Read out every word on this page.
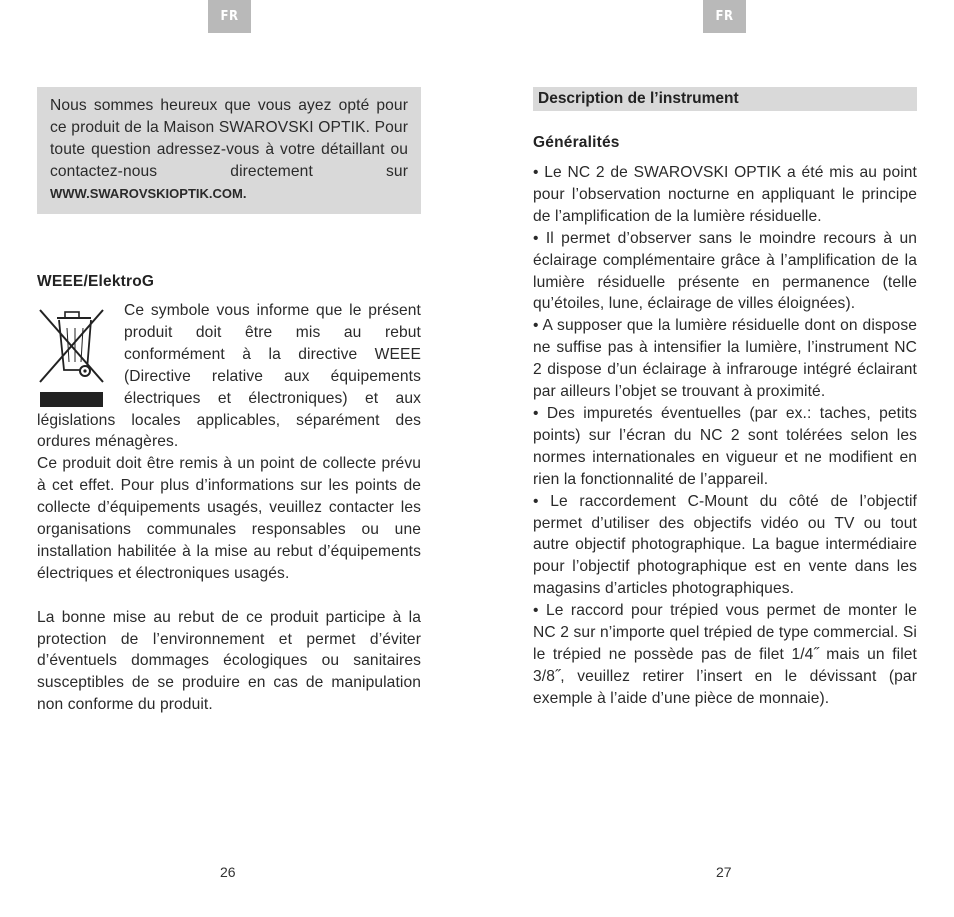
FR

Nous sommes heureux que vous ayez opté pour ce produit de la Maison SWAROVSKI OPTIK. Pour toute question adressez-vous à votre détaillant ou contactez-nous directement sur WWW.SWAROVSKIOPTIK.COM.

WEEE/ElektroG

Ce symbole vous informe que le présent produit doit être mis au rebut conformément à la directive WEEE (Directive relative aux équipements électriques et électroniques) et aux législations locales applicables, séparément des ordures ménagères.

Ce produit doit être remis à un point de collecte prévu à cet effet. Pour plus d’informations sur les points de collecte d’équipements usagés, veuillez contacter les organisations communales responsables ou une installation habilitée à la mise au rebut d’équipements électriques et électroniques usagés.

La bonne mise au rebut de ce produit participe à la protection de l’environnement et permet d’éviter d’éventuels dommages écologiques ou sanitaires susceptibles de se produire en cas de manipulation non conforme du produit.

26
FR
Description de l’instrument
Généralités

• Le NC 2 de SWAROVSKI OPTIK a été mis au point pour l’observation nocturne en appliquant le principe de l’amplification de la lumière résiduelle.

• Il permet d’observer sans le moindre recours à un éclairage complémentaire grâce à l’amplification de la lumière résiduelle présente en permanence (telle qu’étoiles, lune, éclairage de villes éloignées).

• A supposer que la lumière résiduelle dont on dispose ne suffise pas à intensifier la lumière, l’instrument NC 2 dispose d’un éclairage à infrarouge intégré éclairant par ailleurs l’objet se trouvant à proximité.

• Des impuretés éventuelles (par ex.: taches, petits points) sur l’écran du NC 2 sont tolérées selon les normes internationales en vigueur et ne modifient en rien la fonctionnalité de l’appareil.

• Le raccordement C-Mount du côté de l’objectif permet d’utiliser des objectifs vidéo ou TV ou tout autre objectif photographique. La bague intermédiaire pour l’objectif photographique est en vente dans les magasins d’articles photographiques.

• Le raccord pour trépied vous permet de monter le NC 2 sur n’importe quel trépied de type commercial. Si le trépied ne possède pas de filet 1/4˝ mais un filet 3/8˝, veuillez retirer l’insert en le dévissant (par exemple à l’aide d’une pièce de monnaie).

27
